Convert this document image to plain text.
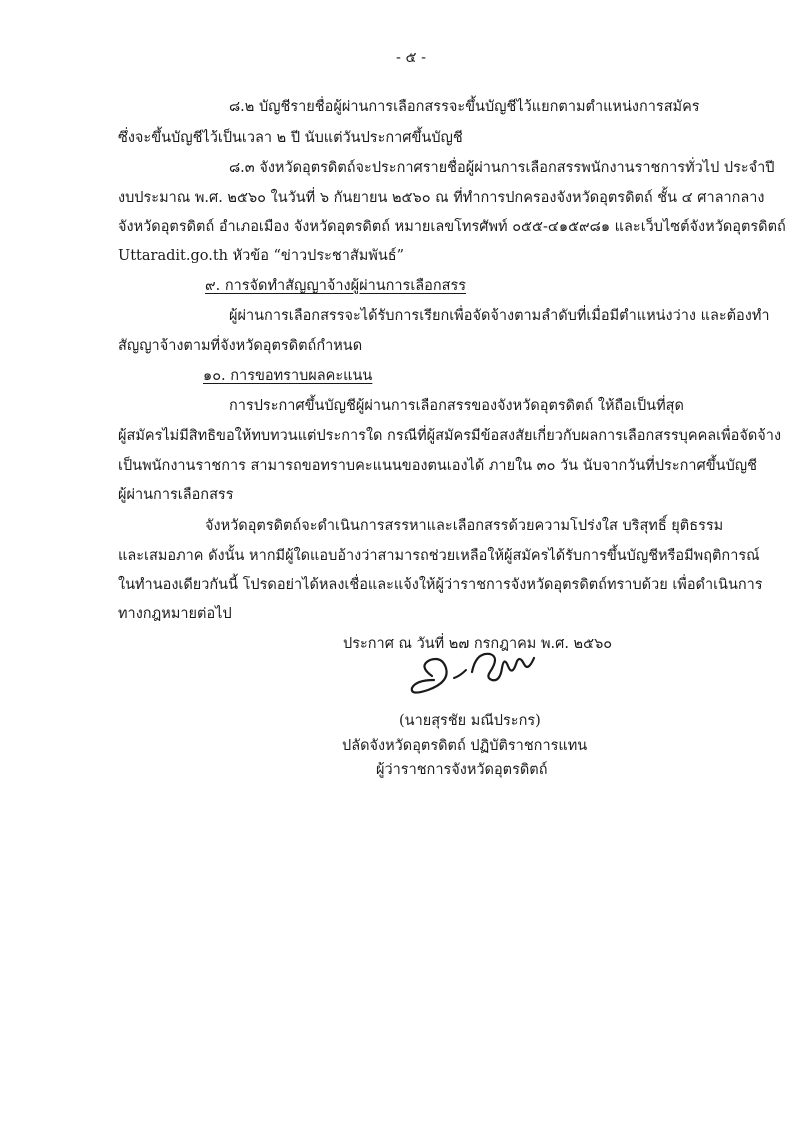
- ๕ -
๘.๒ บัญชีรายชื่อผู้ผ่านการเลือกสรรจะขึ้นบัญชีไว้แยกตามตำแหน่งการสมัคร
ซึ่งจะขึ้นบัญชีไว้เป็นเวลา ๒ ปี นับแต่วันประกาศขึ้นบัญชี
๘.๓ จังหวัดอุตรดิตถ์จะประกาศรายชื่อผู้ผ่านการเลือกสรรพนักงานราชการทั่วไป ประจำปี
งบประมาณ พ.ศ. ๒๕๖๐ ในวันที่ ๖ กันยายน ๒๕๖๐ ณ ที่ทำการปกครองจังหวัดอุตรดิตถ์ ชั้น ๔ ศาลากลาง
จังหวัดอุตรดิตถ์ อำเภอเมือง จังหวัดอุตรดิตถ์ หมายเลขโทรศัพท์ ๐๕๕-๔๑๕๙๘๑ และเว็บไซต์จังหวัดอุตรดิตถ์
Uttaradit.go.th หัวข้อ “ข่าวประชาสัมพันธ์”
๙. การจัดทำสัญญาจ้างผู้ผ่านการเลือกสรร
ผู้ผ่านการเลือกสรรจะได้รับการเรียกเพื่อจัดจ้างตามลำดับที่เมื่อมีตำแหน่งว่าง และต้องทำ
สัญญาจ้างตามที่จังหวัดอุตรดิตถ์กำหนด
๑๐. การขอทราบผลคะแนน
การประกาศขึ้นบัญชีผู้ผ่านการเลือกสรรของจังหวัดอุตรดิตถ์ ให้ถือเป็นที่สุด
ผู้สมัครไม่มีสิทธิขอให้ทบทวนแต่ประการใด กรณีที่ผู้สมัครมีข้อสงสัยเกี่ยวกับผลการเลือกสรรบุคคลเพื่อจัดจ้าง
เป็นพนักงานราชการ สามารถขอทราบคะแนนของตนเองได้ ภายใน ๓๐ วัน นับจากวันที่ประกาศขึ้นบัญชี
ผู้ผ่านการเลือกสรร
จังหวัดอุตรดิตถ์จะดำเนินการสรรหาและเลือกสรรด้วยความโปร่งใส บริสุทธิ์ ยุติธรรม
และเสมอภาค ดังนั้น หากมีผู้ใดแอบอ้างว่าสามารถช่วยเหลือให้ผู้สมัครได้รับการขึ้นบัญชีหรือมีพฤติการณ์
ในทำนองเดียวกันนี้ โปรดอย่าได้หลงเชื่อและแจ้งให้ผู้ว่าราชการจังหวัดอุตรดิตถ์ทราบด้วย เพื่อดำเนินการ
ทางกฎหมายต่อไป
ประกาศ ณ วันที่ ๒๗ กรกฎาคม พ.ศ. ๒๕๖๐
(นายสุรชัย มณีประกร)
ปลัดจังหวัดอุตรดิตถ์ ปฏิบัติราชการแทน
ผู้ว่าราชการจังหวัดอุตรดิตถ์
